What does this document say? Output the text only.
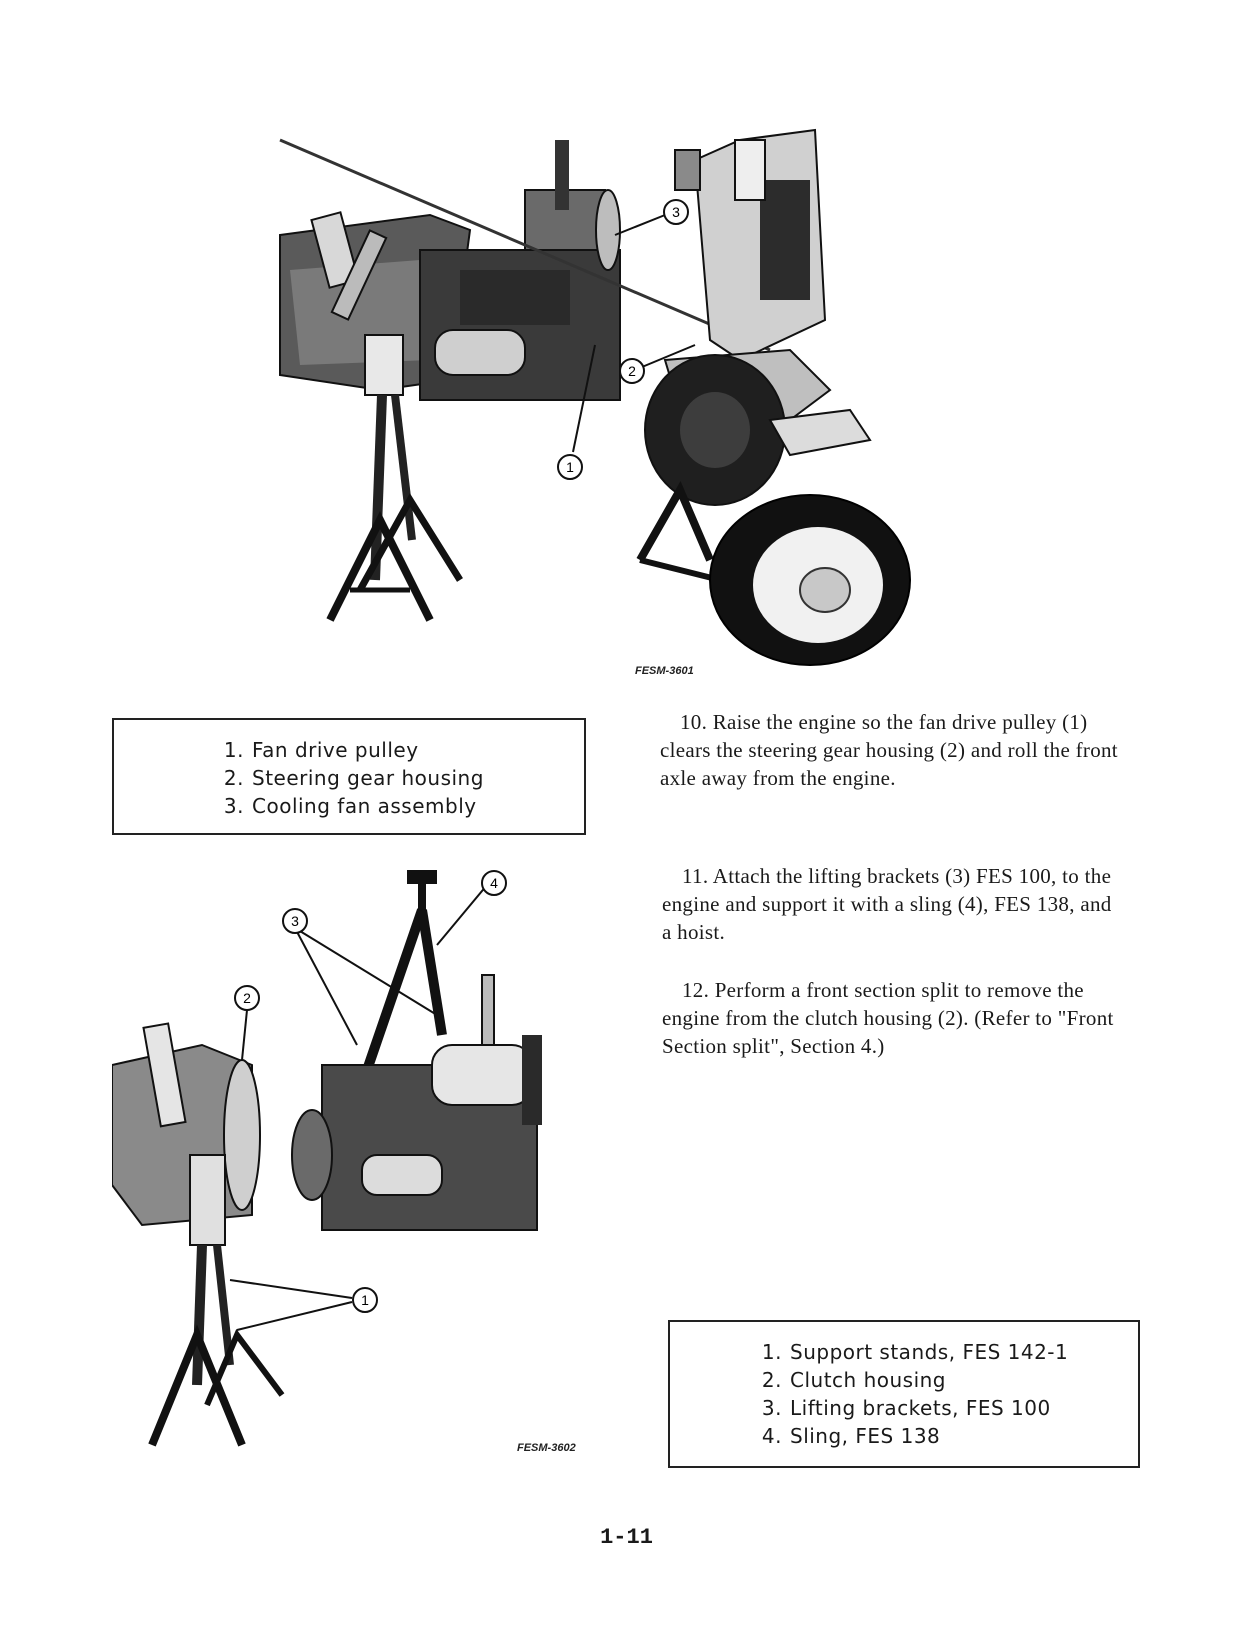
3
2
1
FESM-3601
1. Fan drive pulley
2. Steering gear housing
3. Cooling fan assembly

10. Raise the engine so the fan drive pulley (1) clears the steering gear housing (2) and roll the front axle away from the engine.

11. Attach the lifting brackets (3) FES 100, to the engine and support it with a sling (4), FES 138, and a hoist.

12. Perform a front section split to remove the engine from the clutch housing (2). (Refer to "Front Section split", Section 4.)

4
3
2
1
FESM-3602
1. Support stands, FES 142-1
2. Clutch housing
3. Lifting brackets, FES 100
4. Sling, FES 138
1-11
